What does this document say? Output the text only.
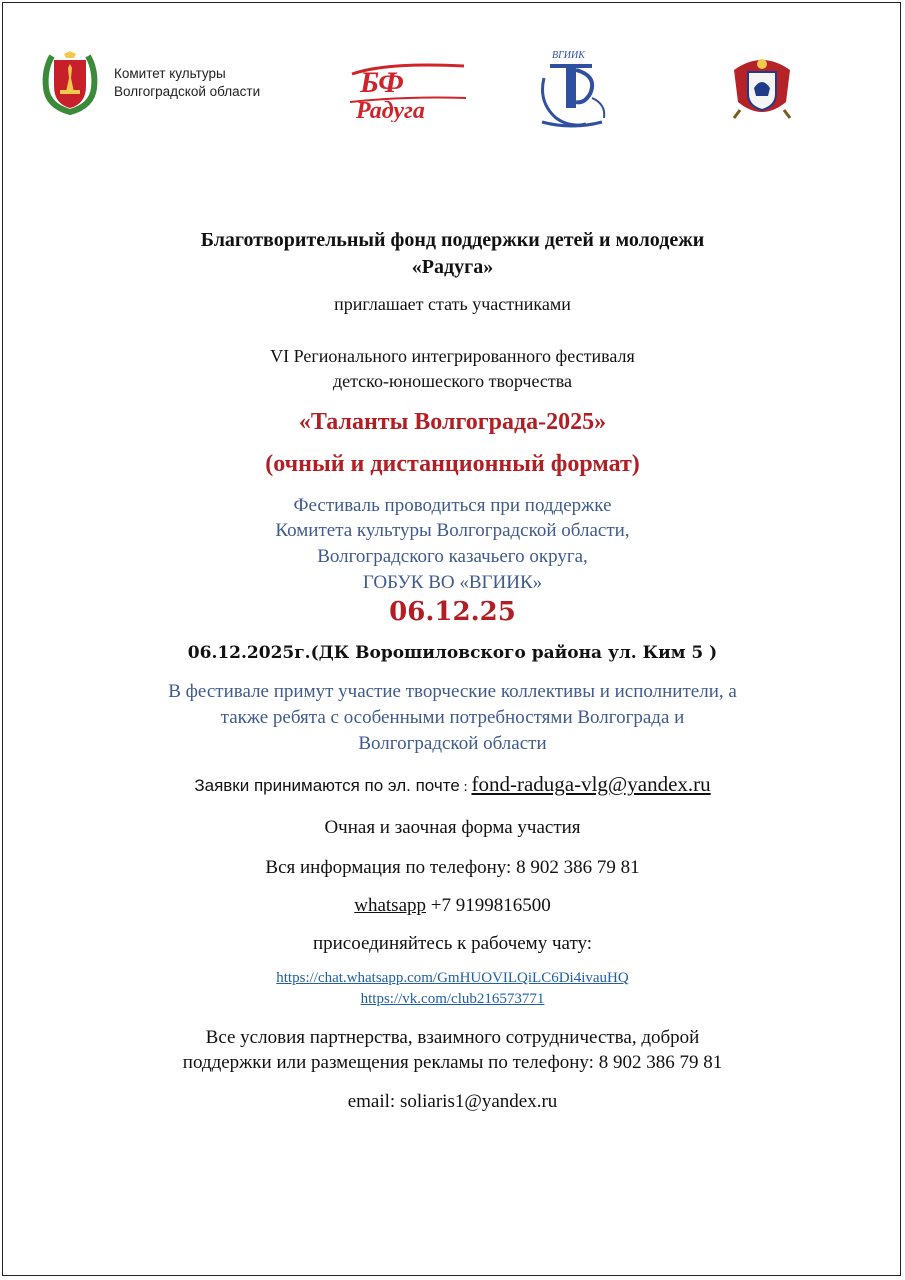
Комитет культуры
Волгоградской области	БФ
Радуга
ВГИИК
Благотворительный фонд поддержки детей и молодежи
«Радуга»
приглашает стать участниками
VI Регионального интегрированного фестиваля
детско-юношеского творчества
«Таланты Волгограда-2025»
(очный и дистанционный формат)
Фестиваль проводиться при поддержке
Комитета культуры Волгоградской области,
Волгоградского казачьего округа,
ГОБУК ВО «ВГИИК»
06.12.25
06.12.2025г.(ДК Ворошиловского района ул. Ким 5 )
В фестивале примут участие творческие коллективы и исполнители, а
также ребята с особенными потребностями Волгограда и
Волгоградской области
Заявки принимаются по эл. почте : fond-raduga-vlg@yandex.ru
Очная и заочная форма участия
Вся информация по телефону: 8 902 386 79 81
whatsapp +7 9199816500
присоединяйтесь к рабочему чату:
https://chat.whatsapp.com/GmHUOVILQiLC6Di4ivauHQ
https://vk.com/club216573771
Все условия партнерства, взаимного сотрудничества, доброй
поддержки или размещения рекламы по телефону: 8 902 386 79 81
email: soliaris1@yandex.ru
